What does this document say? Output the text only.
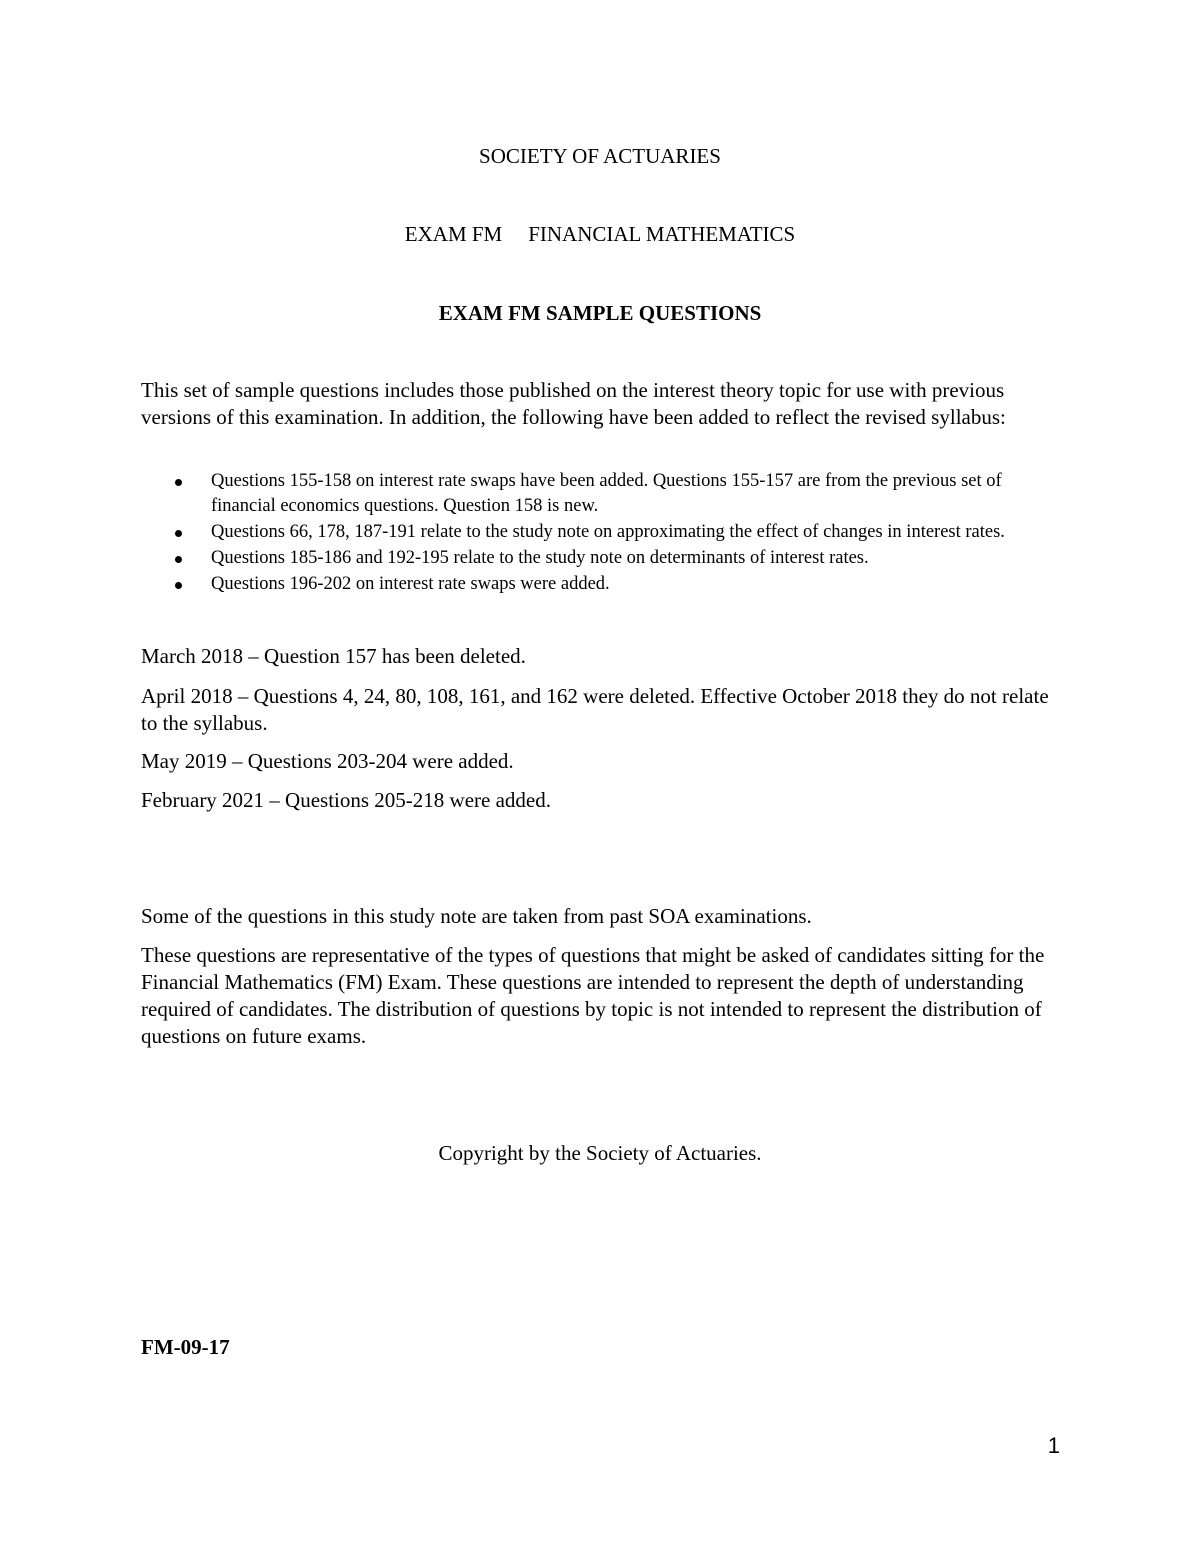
SOCIETY OF ACTUARIES
EXAM FM FINANCIAL MATHEMATICS
EXAM FM SAMPLE QUESTIONS
This set of sample questions includes those published on the interest theory topic for use with previous versions of this examination. In addition, the following have been added to reflect the revised syllabus:
Questions 155-158 on interest rate swaps have been added. Questions 155-157 are from the previous set of financial economics questions. Question 158 is new.
Questions 66, 178, 187-191 relate to the study note on approximating the effect of changes in interest rates.
Questions 185-186 and 192-195 relate to the study note on determinants of interest rates.
Questions 196-202 on interest rate swaps were added.
March 2018 – Question 157 has been deleted.
April 2018 – Questions 4, 24, 80, 108, 161, and 162 were deleted. Effective October 2018 they do not relate to the syllabus.
May 2019 – Questions 203-204 were added.
February 2021 – Questions 205-218 were added.
Some of the questions in this study note are taken from past SOA examinations.
These questions are representative of the types of questions that might be asked of candidates sitting for the Financial Mathematics (FM) Exam. These questions are intended to represent the depth of understanding required of candidates. The distribution of questions by topic is not intended to represent the distribution of questions on future exams.
Copyright by the Society of Actuaries.
FM-09-17
1
